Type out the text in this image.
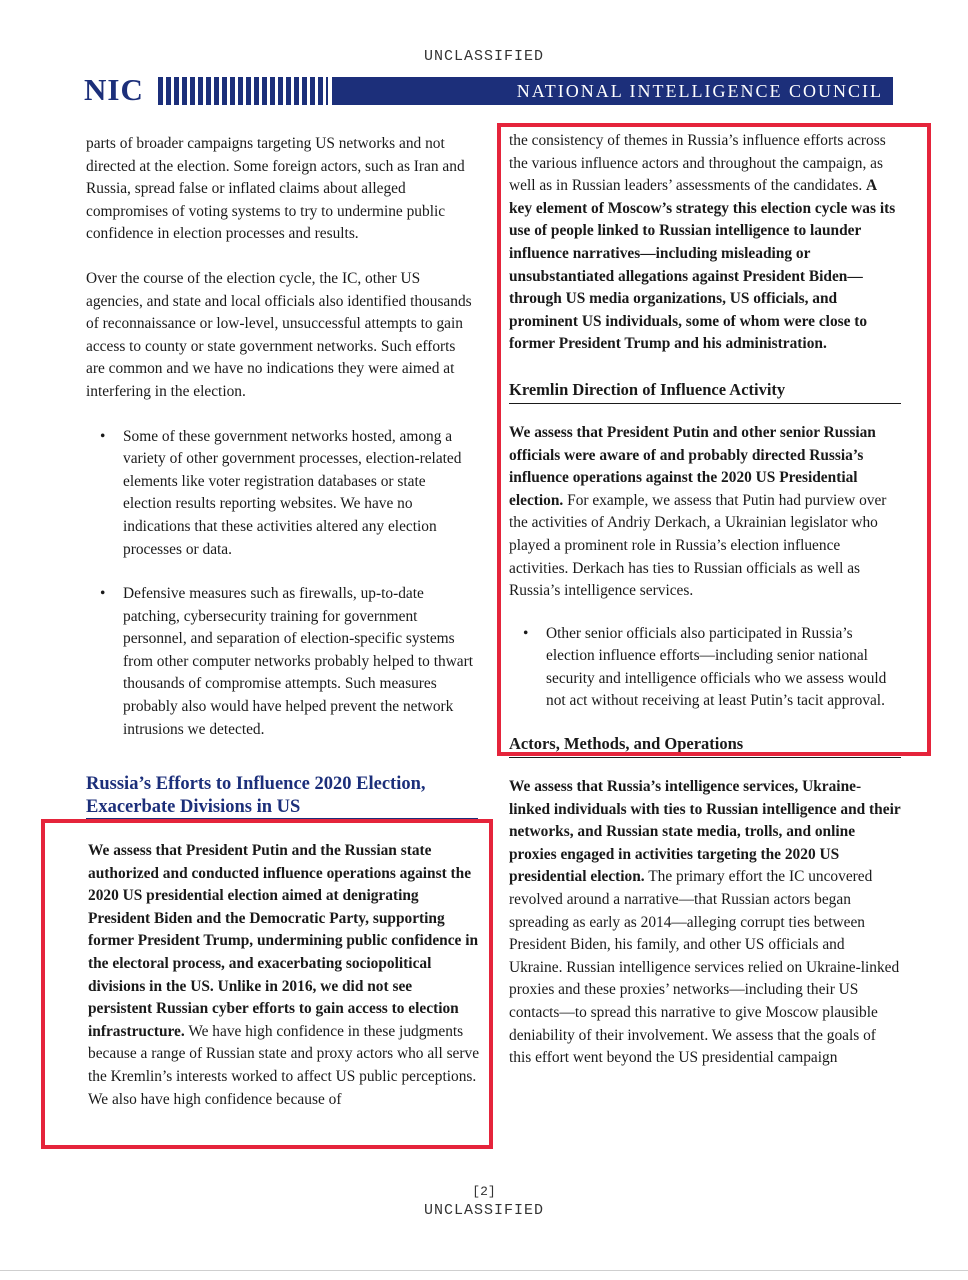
UNCLASSIFIED
NIC	NATIONAL INTELLIGENCE COUNCIL

parts of broader campaigns targeting US networks and not directed at the election. Some foreign actors, such as Iran and Russia, spread false or inflated claims about alleged compromises of voting systems to try to undermine public confidence in election processes and results.

Over the course of the election cycle, the IC, other US agencies, and state and local officials also identified thousands of reconnaissance or low-level, unsuccessful attempts to gain access to county or state government networks. Such efforts are common and we have no indications they were aimed at interfering in the election.

• Some of these government networks hosted, among a variety of other government processes, election-related elements like voter registration databases or state election results reporting websites. We have no indications that these activities altered any election processes or data.
• Defensive measures such as firewalls, up-to-date patching, cybersecurity training for government personnel, and separation of election-specific systems from other computer networks probably helped to thwart thousands of compromise attempts. Such measures probably also would have helped prevent the network intrusions we detected.
Russia’s Efforts to Influence 2020 Election,
Exacerbate Divisions in US

We assess that President Putin and the Russian state authorized and conducted influence operations against the 2020 US presidential election aimed at denigrating President Biden and the Democratic Party, supporting former President Trump, undermining public confidence in the electoral process, and exacerbating sociopolitical divisions in the US. Unlike in 2016, we did not see persistent Russian cyber efforts to gain access to election infrastructure. We have high confidence in these judgments because a range of Russian state and proxy actors who all serve the Kremlin’s interests worked to affect US public perceptions. We also have high confidence because of

the consistency of themes in Russia’s influence efforts across the various influence actors and throughout the campaign, as well as in Russian leaders’ assessments of the candidates. A key element of Moscow’s strategy this election cycle was its use of people linked to Russian intelligence to launder influence narratives—including misleading or unsubstantiated allegations against President Biden—through US media organizations, US officials, and prominent US individuals, some of whom were close to former President Trump and his administration.

Kremlin Direction of Influence Activity

We assess that President Putin and other senior Russian officials were aware of and probably directed Russia’s influence operations against the 2020 US Presidential election. For example, we assess that Putin had purview over the activities of Andriy Derkach, a Ukrainian legislator who played a prominent role in Russia’s election influence activities. Derkach has ties to Russian officials as well as Russia’s intelligence services.

• Other senior officials also participated in Russia’s election influence efforts—including senior national security and intelligence officials who we assess would not act without receiving at least Putin’s tacit approval.
Actors, Methods, and Operations

We assess that Russia’s intelligence services, Ukraine-linked individuals with ties to Russian intelligence and their networks, and Russian state media, trolls, and online proxies engaged in activities targeting the 2020 US presidential election. The primary effort the IC uncovered revolved around a narrative—that Russian actors began spreading as early as 2014—alleging corrupt ties between President Biden, his family, and other US officials and Ukraine. Russian intelligence services relied on Ukraine-linked proxies and these proxies’ networks—including their US contacts—to spread this narrative to give Moscow plausible deniability of their involvement. We assess that the goals of this effort went beyond the US presidential campaign

[2]
UNCLASSIFIED
